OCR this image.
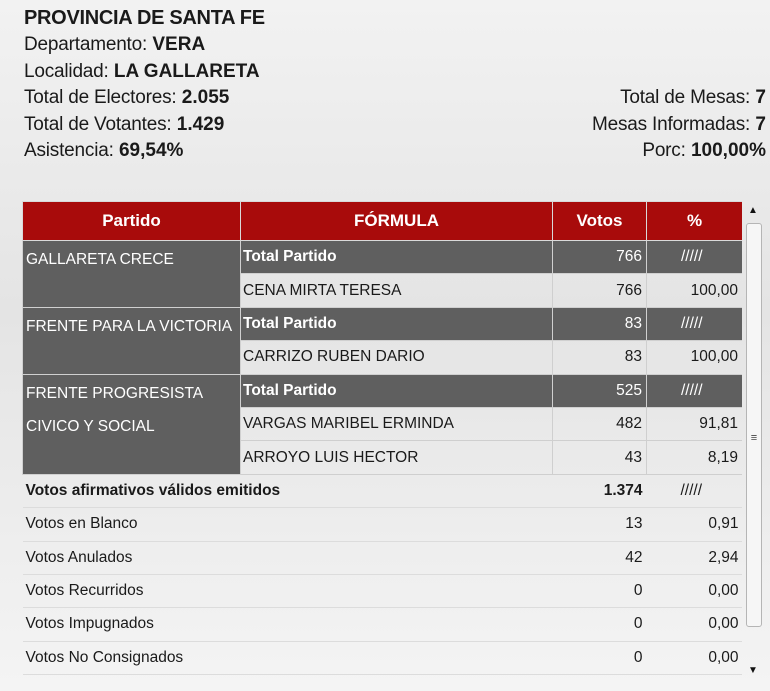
PROVINCIA DE SANTA FE
Departamento: VERA
Localidad: LA GALLARETA
Total de Electores: 2.055	Total de Mesas: 7
Total de Votantes: 1.429	Mesas Informadas: 7
Asistencia: 69,54%	Porc: 100,00%
Partido	FÓRMULA	Votos	%
GALLARETA CRECE	Total Partido	766	/////
	CENA MIRTA TERESA	766	100,00
FRENTE PARA LA VICTORIA	Total Partido	83	/////
	CARRIZO RUBEN DARIO	83	100,00
FRENTE PROGRESISTA CIVICO Y SOCIAL	Total Partido	525	/////
	VARGAS MARIBEL ERMINDA	482	91,81
	ARROYO LUIS HECTOR	43	8,19
Votos afirmativos válidos emitidos		1.374	/////
Votos en Blanco		13	0,91
Votos Anulados		42	2,94
Votos Recurridos		0	0,00
Votos Impugnados		0	0,00
Votos No Consignados		0	0,00
▲
≡
▼
